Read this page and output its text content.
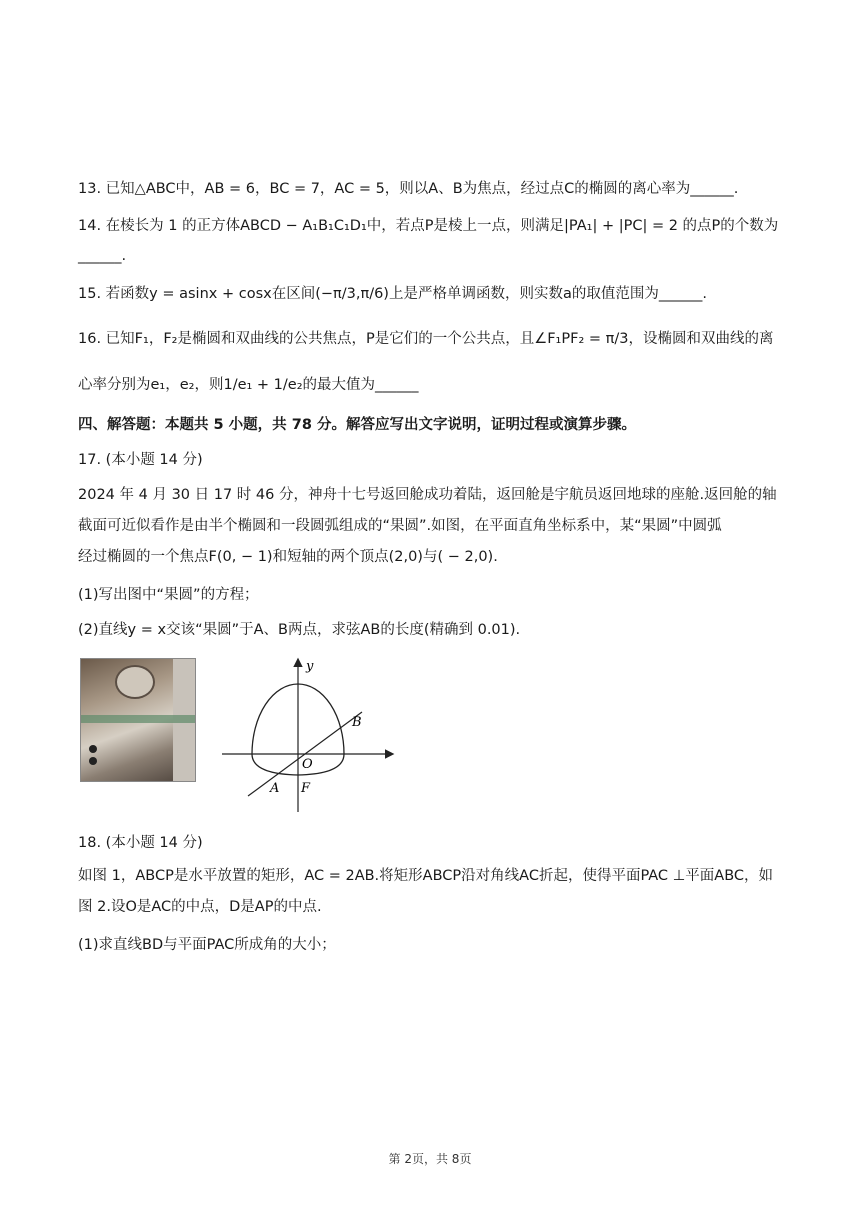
13. 已知△ABC中，AB = 6，BC = 7，AC = 5，则以A、B为焦点，经过点C的椭圆的离心率为______.
14. 在棱长为 1 的正方体ABCD − A₁B₁C₁D₁中，若点P是棱上一点，则满足|PA₁| + |PC| = 2 的点P的个数为
______.
15. 若函数y = asinx + cosx在区间(−π/3,π/6)上是严格单调函数，则实数a的取值范围为______.
16. 已知F₁，F₂是椭圆和双曲线的公共焦点，P是它们的一个公共点，且∠F₁PF₂ = π/3，设椭圆和双曲线的离
心率分别为e₁，e₂，则1/e₁ + 1/e₂的最大值为______
四、解答题：本题共 5 小题，共 78 分。解答应写出文字说明，证明过程或演算步骤。
17. (本小题 14 分)
2024 年 4 月 30 日 17 时 46 分，神舟十七号返回舱成功着陆，返回舱是宇航员返回地球的座舱.返回舱的轴
截面可近似看作是由半个椭圆和一段圆弧组成的“果圆”.如图，在平面直角坐标系中，某“果圆”中圆弧
经过椭圆的一个焦点F(0, − 1)和短轴的两个顶点(2,0)与( − 2,0).
(1)写出图中“果圆”的方程；
(2)直线y = x交该“果圆”于A、B两点，求弦AB的长度(精确到 0.01).
y
B
O
A F
18. (本小题 14 分)
如图 1，ABCP是水平放置的矩形，AC = 2AB.将矩形ABCP沿对角线AC折起，使得平面PAC ⊥平面ABC，如
图 2.设O是AC的中点，D是AP的中点.
(1)求直线BD与平面PAC所成角的大小；
第 2页，共 8页
